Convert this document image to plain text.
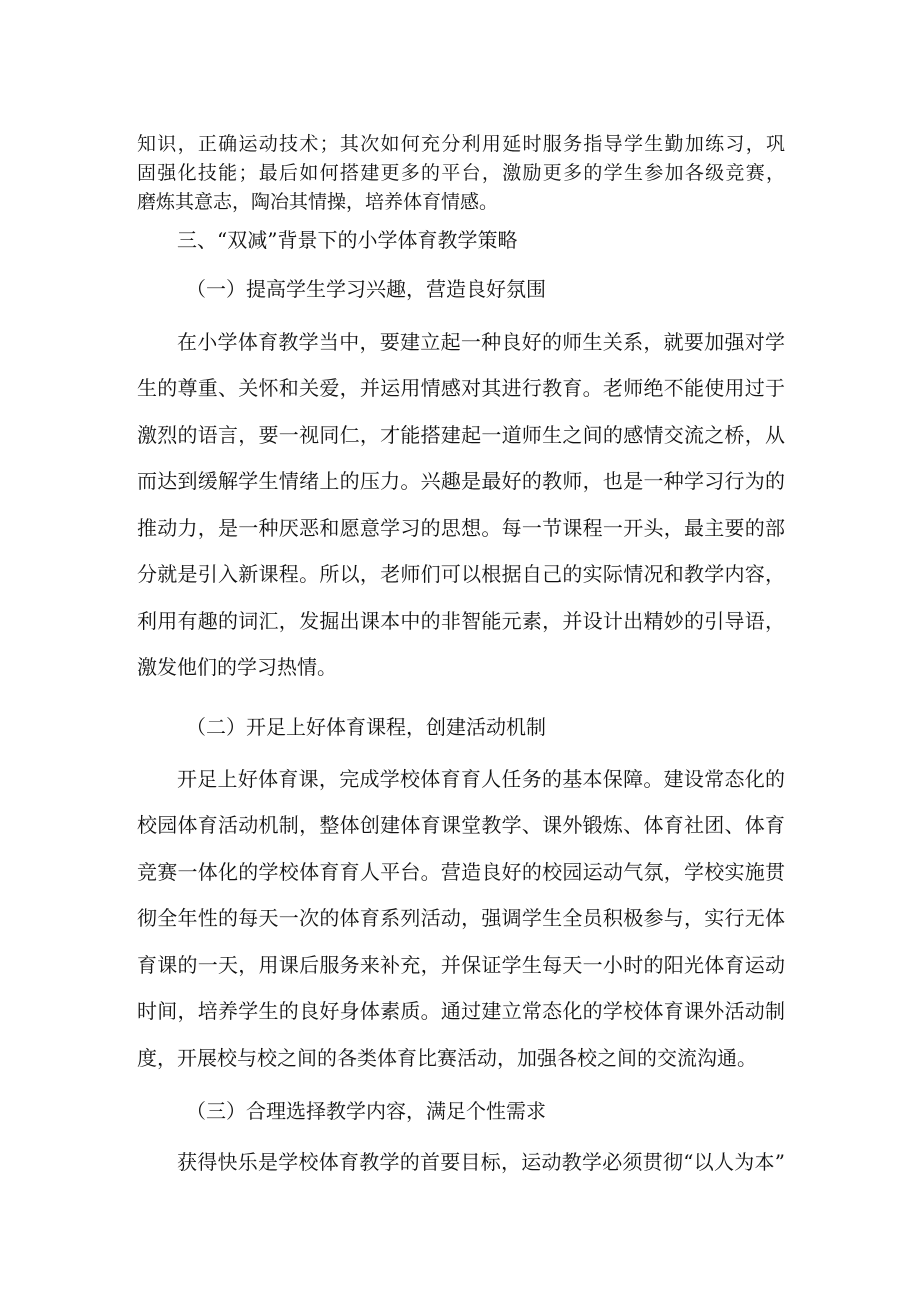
知识，正确运动技术；其次如何充分利用延时服务指导学生勤加练习，巩
固强化技能；最后如何搭建更多的平台，激励更多的学生参加各级竞赛，
磨炼其意志，陶冶其情操，培养体育情感。
三、“双减”背景下的小学体育教学策略
（一）提高学生学习兴趣，营造良好氛围
在小学体育教学当中，要建立起一种良好的师生关系，就要加强对学
生的尊重、关怀和关爱，并运用情感对其进行教育。老师绝不能使用过于
激烈的语言，要一视同仁，才能搭建起一道师生之间的感情交流之桥，从
而达到缓解学生情绪上的压力。兴趣是最好的教师，也是一种学习行为的
推动力，是一种厌恶和愿意学习的思想。每一节课程一开头，最主要的部
分就是引入新课程。所以，老师们可以根据自己的实际情况和教学内容，
利用有趣的词汇，发掘出课本中的非智能元素，并设计出精妙的引导语，
激发他们的学习热情。
（二）开足上好体育课程，创建活动机制
开足上好体育课，完成学校体育育人任务的基本保障。建设常态化的
校园体育活动机制，整体创建体育课堂教学、课外锻炼、体育社团、体育
竞赛一体化的学校体育育人平台。营造良好的校园运动气氛，学校实施贯
彻全年性的每天一次的体育系列活动，强调学生全员积极参与，实行无体
育课的一天，用课后服务来补充，并保证学生每天一小时的阳光体育运动
时间，培养学生的良好身体素质。通过建立常态化的学校体育课外活动制
度，开展校与校之间的各类体育比赛活动，加强各校之间的交流沟通。
（三）合理选择教学内容，满足个性需求
获得快乐是学校体育教学的首要目标，运动教学必须贯彻“以人为本”
